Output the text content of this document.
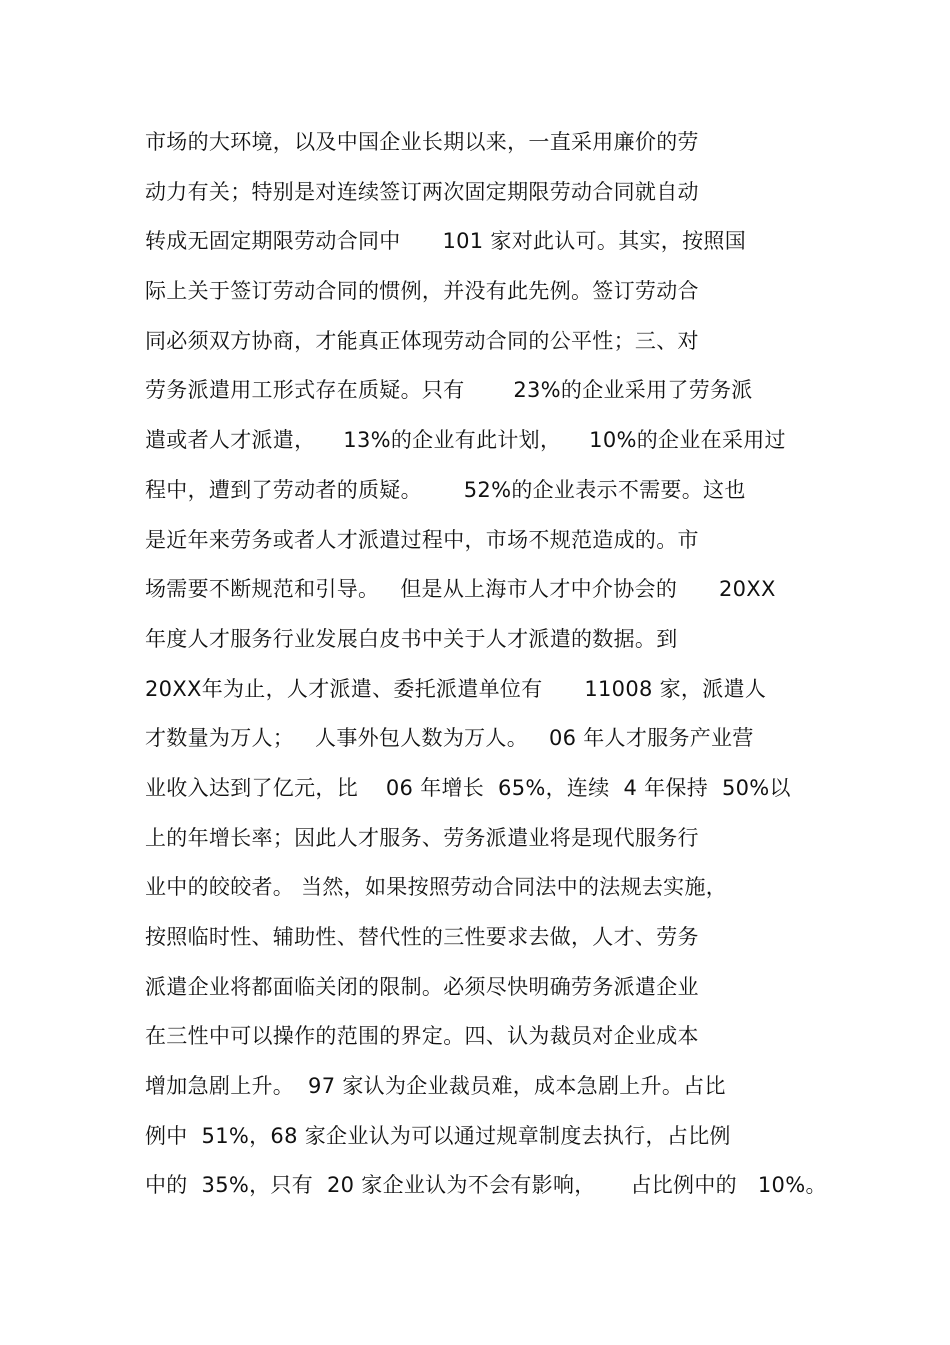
市场的大环境，以及中国企业长期以来，一直采用廉价的劳
动力有关；特别是对连续签订两次固定期限劳动合同就自动
转成无固定期限劳动合同中      101 家对此认可。其实，按照国
际上关于签订劳动合同的惯例，并没有此先例。签订劳动合
同必须双方协商，才能真正体现劳动合同的公平性；三、对
劳务派遣用工形式存在质疑。只有       23%的企业采用了劳务派
遣或者人才派遣，    13%的企业有此计划，    10%的企业在采用过
程中，遭到了劳动者的质疑。      52%的企业表示不需要。这也
是近年来劳务或者人才派遣过程中，市场不规范造成的。市
场需要不断规范和引导。   但是从上海市人才中介协会的      20XX
年度人才服务行业发展白皮书中关于人才派遣的数据。到
20XX年为止，人才派遣、委托派遣单位有      11008 家，派遣人
才数量为万人；   人事外包人数为万人。   06 年人才服务产业营
业收入达到了亿元，比    06 年增长  65%，连续  4 年保持  50%以
上的年增长率；因此人才服务、劳务派遣业将是现代服务行
业中的皎皎者。 当然，如果按照劳动合同法中的法规去实施，
按照临时性、辅助性、替代性的三性要求去做，人才、劳务
派遣企业将都面临关闭的限制。必须尽快明确劳务派遣企业
在三性中可以操作的范围的界定。四、认为裁员对企业成本
增加急剧上升。  97 家认为企业裁员难，成本急剧上升。占比
例中  51%，68 家企业认为可以通过规章制度去执行，占比例
中的  35%，只有  20 家企业认为不会有影响，     占比例中的   10%。
